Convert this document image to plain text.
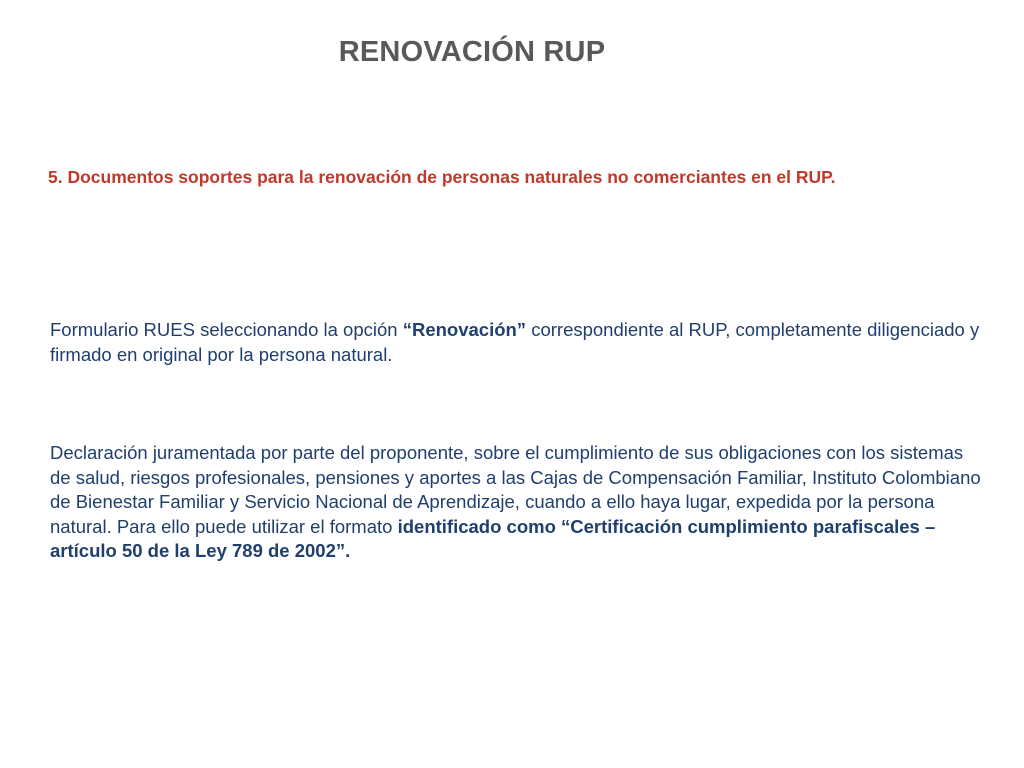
RENOVACIÓN RUP
5. Documentos soportes para la renovación de personas naturales no comerciantes en el RUP.
Formulario RUES seleccionando la opción “Renovación” correspondiente al RUP, completamente diligenciado y firmado en original por la persona natural.
Declaración juramentada por parte del proponente, sobre el cumplimiento de sus obligaciones con los sistemas de salud, riesgos profesionales, pensiones y aportes a las Cajas de Compensación Familiar, Instituto Colombiano de Bienestar Familiar y Servicio Nacional de Aprendizaje, cuando a ello haya lugar, expedida por la persona natural. Para ello puede utilizar el formato identificado como “Certificación cumplimiento parafiscales – artículo 50 de la Ley 789 de 2002”.
